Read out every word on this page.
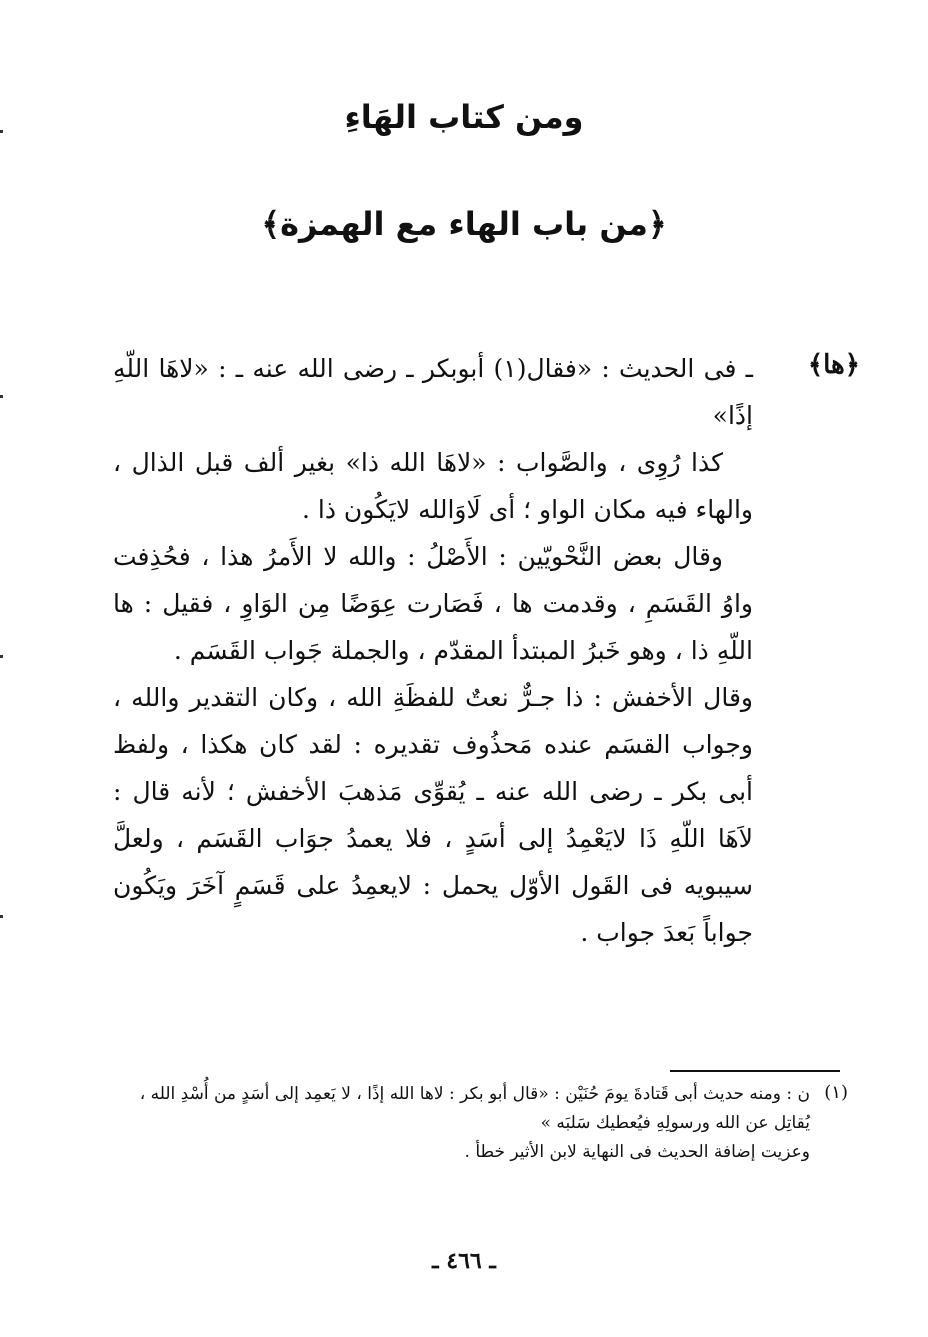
ومن كتاب الهَاءِ
﴿من باب الهاء مع الهمزة﴾
﴿ها﴾

ـ فى الحديث : «فقال(١) أبوبكر ـ رضى الله عنه ـ : «لاهَا اللّهِ إذًا»

كذا رُوِى ، والصَّواب : «لاهَا الله ذا» بغير ألف قبل الذال ، والهاء فيه مكان الواو ؛ أى لَاوَالله لايَكُون ذا .

وقال بعض النَّحْويّين : الأَصْلُ : والله لا الأَمرُ هذا ، فحُذِفت واوُ القَسَمِ ، وقدمت ها ، فَصَارت عِوَضًا مِن الوَاوِ ، فقيل : ها اللّهِ ذا ، وهو خَبرُ المبتدأ المقدّم ، والجملة جَواب القَسَم .

وقال الأخفش : ذا جـرٌّ نعتٌ للفظَةِ الله ، وكان التقدير والله ، وجواب القسَم عنده مَحذُوف تقديره : لقد كان هكذا ، ولفظ أبى بكر ـ رضى الله عنه ـ يُقوِّى مَذهبَ الأخفش ؛ لأنه قال : لاَهَا اللّهِ ذَا لايَعْمِدُ إلى أسَدٍ ، فلا يعمدُ جوَاب القَسَم ، ولعلَّ سيبويه فى القَول الأوّل يحمل : لايعمِدُ على قَسَمٍ آخَرَ ويَكُون جواباً بَعدَ جواب .

(١)
ن : ومنه حديث أبى قَتادةَ يومَ حُنَيْن : «قال أبو بكر : لاها الله إذًا ، لا يَعمِد إلى أسَدٍ من أُسْدِ الله ، يُقاتِل عن الله ورسولِهِ فيُعطيك سَلبَه »
وعزيت إضافة الحديث فى النهاية لابن الأثير خطأ .
ـ ٤٦٦ ـ
